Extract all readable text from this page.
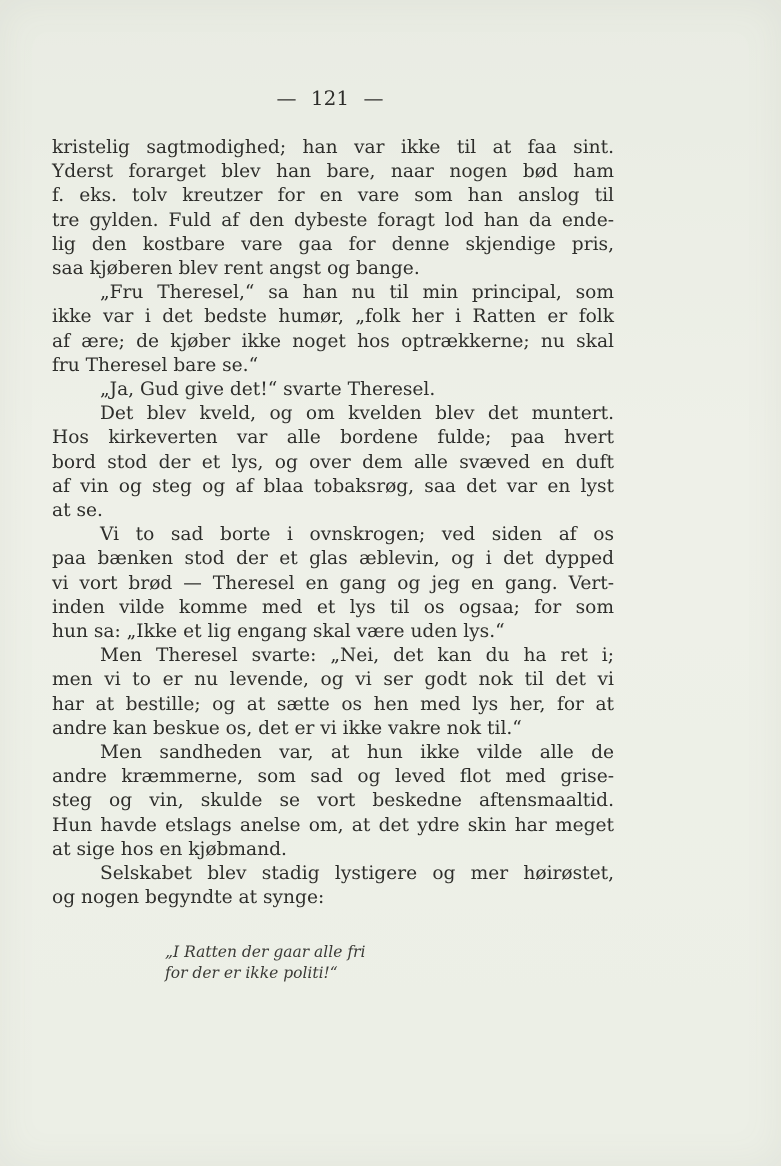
— 121 —
kristelig sagtmodighed; han var ikke til at faa sint.
Yderst forarget blev han bare, naar nogen bød ham
f. eks. tolv kreutzer for en vare som han anslog til
tre gylden. Fuld af den dybeste foragt lod han da ende-
lig den kostbare vare gaa for denne skjendige pris,
saa kjøberen blev rent angst og bange.
„Fru Theresel,“ sa han nu til min principal, som
ikke var i det bedste humør, „folk her i Ratten er folk
af ære; de kjøber ikke noget hos optrækkerne; nu skal
fru Theresel bare se.“
„Ja, Gud give det!“ svarte Theresel.
Det blev kveld, og om kvelden blev det muntert.
Hos kirkeverten var alle bordene fulde; paa hvert
bord stod der et lys, og over dem alle svæved en duft
af vin og steg og af blaa tobaksrøg, saa det var en lyst
at se.
Vi to sad borte i ovnskrogen; ved siden af os
paa bænken stod der et glas æblevin, og i det dypped
vi vort brød — Theresel en gang og jeg en gang. Vert-
inden vilde komme med et lys til os ogsaa; for som
hun sa: „Ikke et lig engang skal være uden lys.“
Men Theresel svarte: „Nei, det kan du ha ret i;
men vi to er nu levende, og vi ser godt nok til det vi
har at bestille; og at sætte os hen med lys her, for at
andre kan beskue os, det er vi ikke vakre nok til.“
Men sandheden var, at hun ikke vilde alle de
andre kræmmerne, som sad og leved flot med grise-
steg og vin, skulde se vort beskedne aftensmaaltid.
Hun havde etslags anelse om, at det ydre skin har meget
at sige hos en kjøbmand.
Selskabet blev stadig lystigere og mer høirøstet,
og nogen begyndte at synge:
„I Ratten der gaar alle fri
for der er ikke politi!“
